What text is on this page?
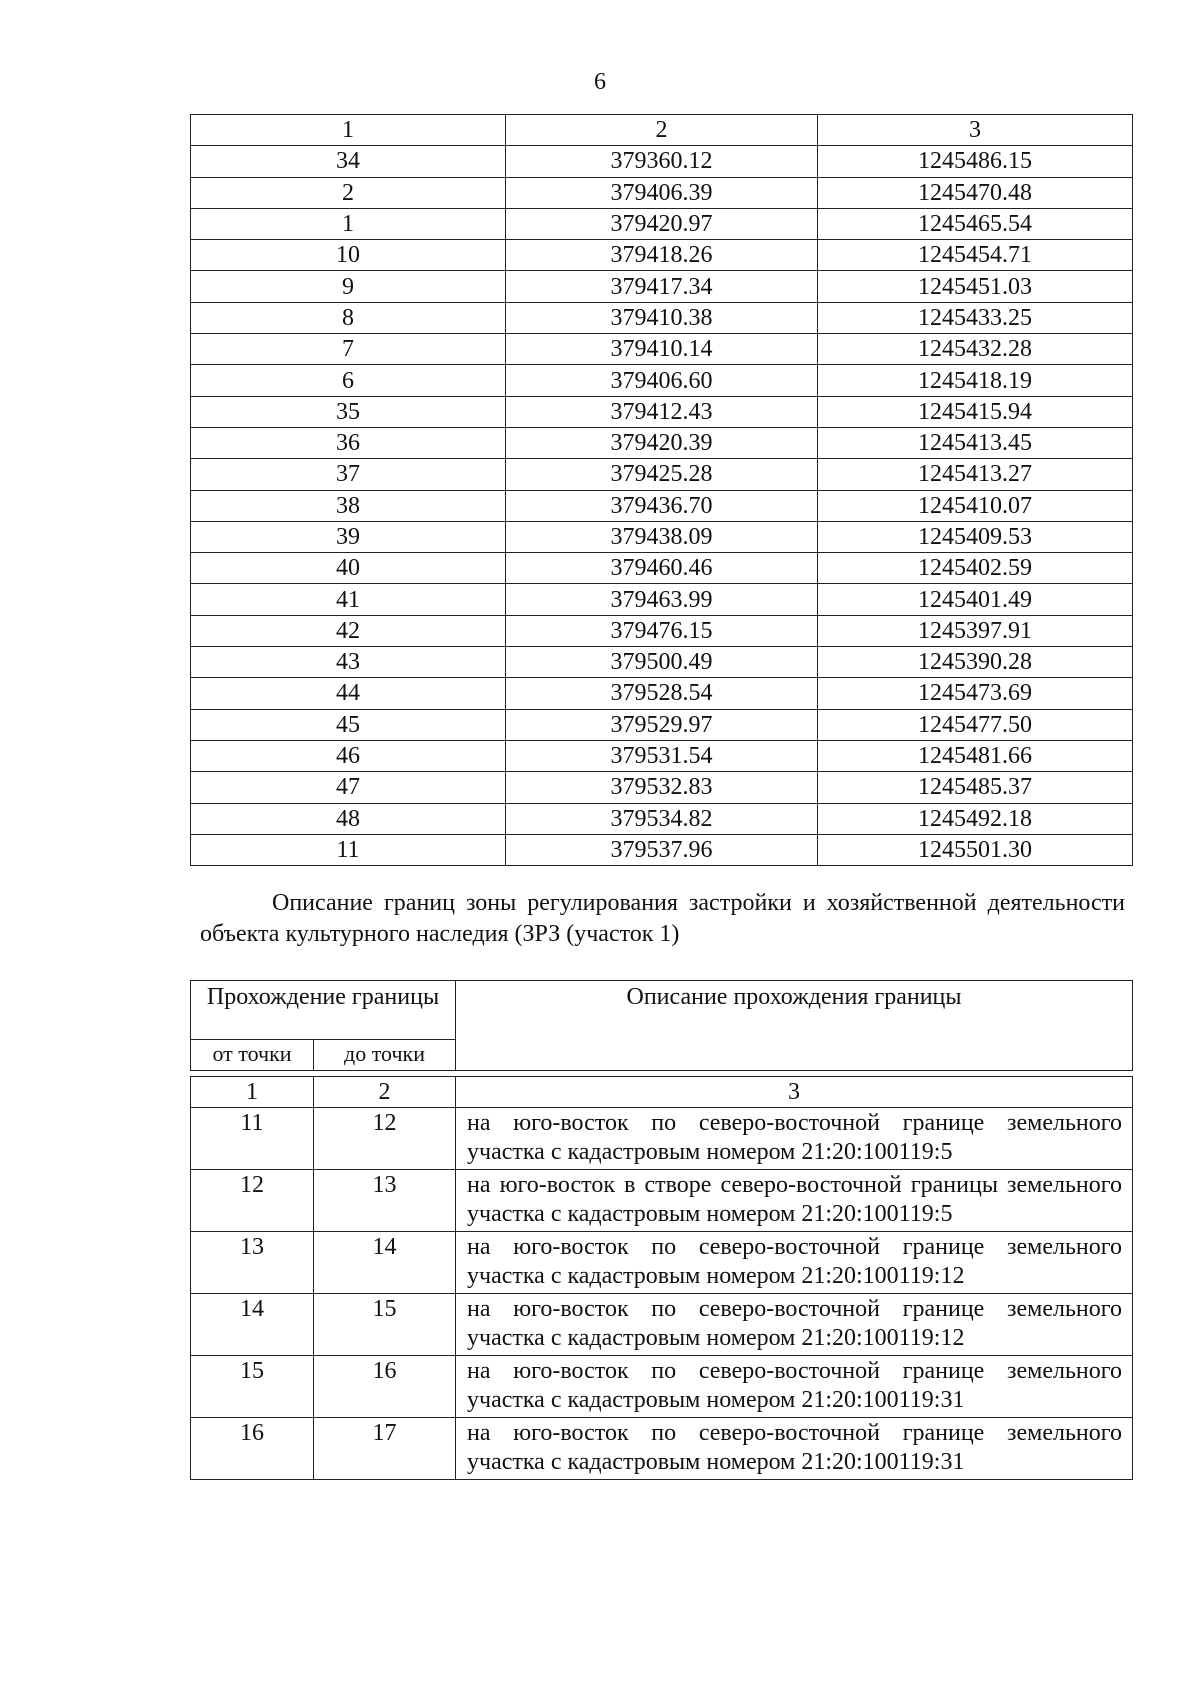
6
1	2	3
34	379360.12	1245486.15
2	379406.39	1245470.48
1	379420.97	1245465.54
10	379418.26	1245454.71
9	379417.34	1245451.03
8	379410.38	1245433.25
7	379410.14	1245432.28
6	379406.60	1245418.19
35	379412.43	1245415.94
36	379420.39	1245413.45
37	379425.28	1245413.27
38	379436.70	1245410.07
39	379438.09	1245409.53
40	379460.46	1245402.59
41	379463.99	1245401.49
42	379476.15	1245397.91
43	379500.49	1245390.28
44	379528.54	1245473.69
45	379529.97	1245477.50
46	379531.54	1245481.66
47	379532.83	1245485.37
48	379534.82	1245492.18
11	379537.96	1245501.30
Описание границ зоны регулирования застройки и хозяйственной деятельности объекта культурного наследия (ЗРЗ (участок 1)
Прохождение границы		Описание прохождения границы
от точки	до точки	

1	2	3
11	12	на юго-восток по северо-восточной границе земельного участка с кадастровым номером 21:20:100119:5
12	13	на юго-восток в створе северо-восточной границы земельного участка с кадастровым номером 21:20:100119:5
13	14	на юго-восток по северо-восточной границе земельного участка с кадастровым номером 21:20:100119:12
14	15	на юго-восток по северо-восточной границе земельного участка с кадастровым номером 21:20:100119:12
15	16	на юго-восток по северо-восточной границе земельного участка с кадастровым номером 21:20:100119:31
16	17	на юго-восток по северо-восточной границе земельного участка с кадастровым номером 21:20:100119:31
